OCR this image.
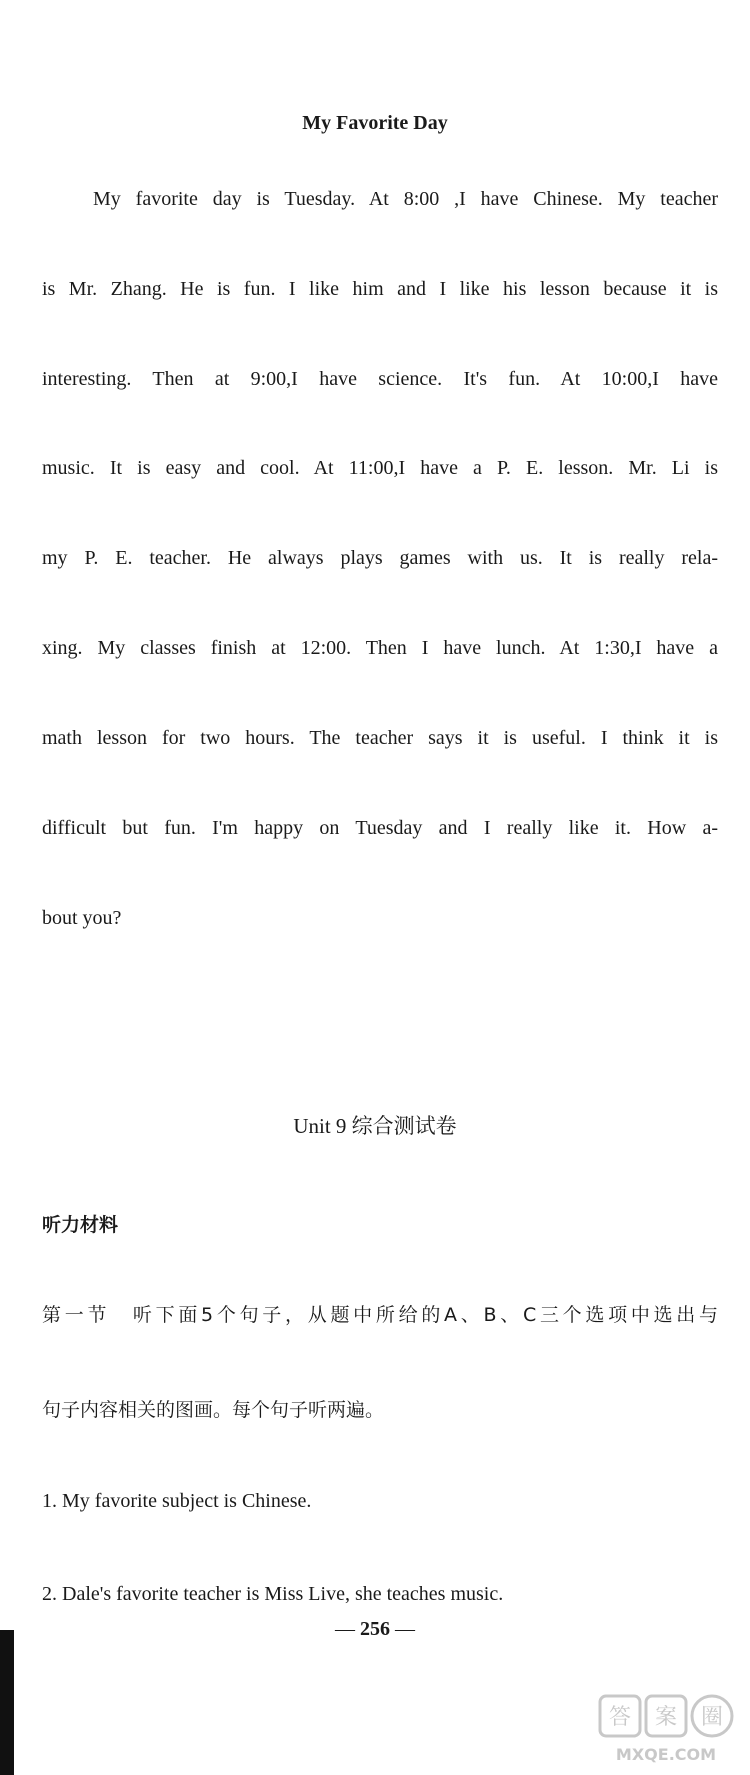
My Favorite Day
My favorite day is Tuesday. At 8:00 ,I have Chinese. My teacher
is Mr. Zhang. He is fun. I like him and I like his lesson because it is
interesting. Then at 9:00,I have science. It's fun. At 10:00,I have
music. It is easy and cool. At 11:00,I have a P. E. lesson. Mr. Li is
my P. E. teacher. He always plays games with us. It is really rela-
xing. My classes finish at 12:00. Then I have lunch. At 1:30,I have a
math lesson for two hours. The teacher says it is useful. I think it is
difficult but fun. I'm happy on Tuesday and I really like it. How a-
bout you?
Unit 9 综合测试卷
听力材料
第一节　听下面5个句子，从题中所给的A、B、C三个选项中选出与
句子内容相关的图画。每个句子听两遍。
1. My favorite subject is Chinese.
2. Dale's favorite teacher is Miss Live, she teaches music.
— 256 —
答 案 圈
MXQE.COM
